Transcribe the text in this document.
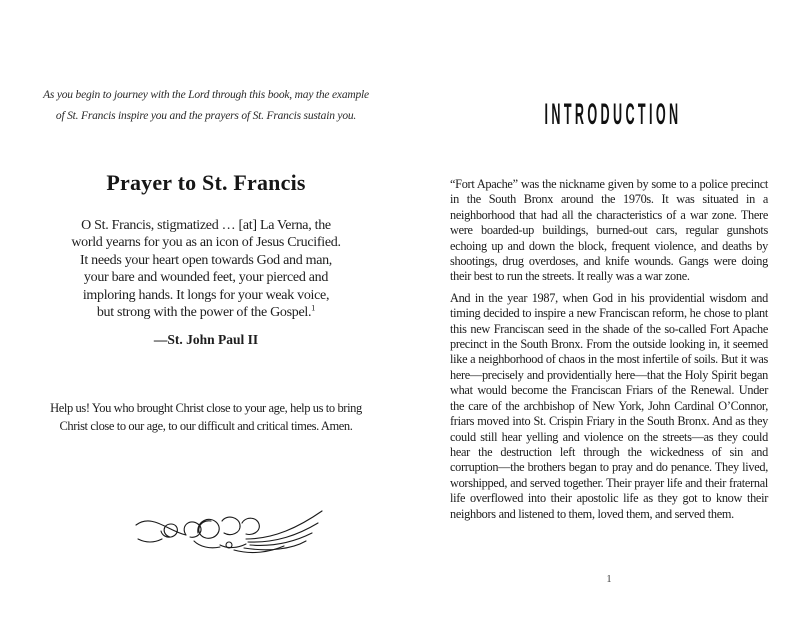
As you begin to journey with the Lord through this book, may the example
of St. Francis inspire you and the prayers of St. Francis sustain you.
Prayer to St. Francis
O St. Francis, stigmatized … [at] La Verna, the
world yearns for you as an icon of Jesus Crucified.
It needs your heart open towards God and man,
your bare and wounded feet, your pierced and
imploring hands. It longs for your weak voice,
but strong with the power of the Gospel.$^1$
—St. John Paul II
Help us! You who brought Christ close to your age, help us to bring
Christ close to our age, to our difficult and critical times. Amen.
INTRODUCTION

“Fort Apache” was the nickname given by some to a police precinct in the South Bronx around the 1970s. It was situated in a neighborhood that had all the characteristics of a war zone. There were boarded-up buildings, burned-out cars, regular gunshots echoing up and down the block, frequent violence, and deaths by shootings, drug overdoses, and knife wounds. Gangs were doing their best to run the streets. It really was a war zone.

And in the year 1987, when God in his providential wisdom and timing decided to inspire a new Franciscan reform, he chose to plant this new Franciscan seed in the shade of the so-called Fort Apache precinct in the South Bronx. From the outside looking in, it seemed like a neighborhood of chaos in the most infertile of soils. But it was here—precisely and providentially here—that the Holy Spirit began what would become the Franciscan Friars of the Renewal. Under the care of the archbishop of New York, John Cardinal O’Connor, friars moved into St. Crispin Friary in the South Bronx. And as they could still hear yelling and violence on the streets—as they could hear the destruction left through the wickedness of sin and corruption—the brothers began to pray and do penance. They lived, worshipped, and served together. Their prayer life and their fraternal life overflowed into their apostolic life as they got to know their neighbors and listened to them, loved them, and served them.

1
